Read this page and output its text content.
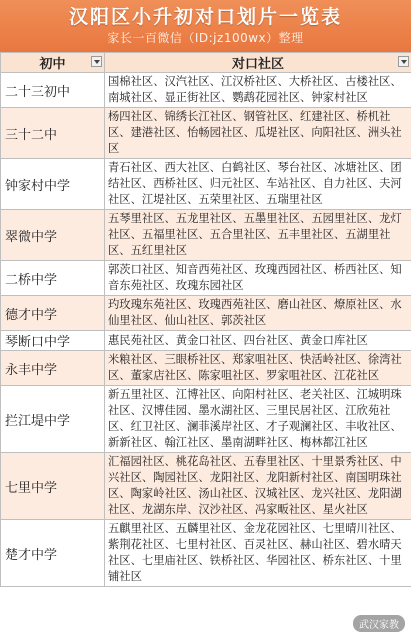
汉阳区小升初对口划片一览表
家长一百微信（ID:jz100wx）整理
初中	对口社区

二十三初中	国棉社区、汉汽社区、江汉桥社区、大桥社区、古楼社区、南城社区、显正街社区、鹦鹉花园社区、钟家村社区
三十二中	杨四社区、锦绣长江社区、钢管社区、红建社区、桥机社区、建港社区、怡畅园社区、瓜堤社区、向阳社区、洲头社区
钟家村中学	青石社区、西大社区、白鹤社区、琴台社区、冰塘社区、团结社区、西桥社区、归元社区、车站社区、自力社区、夫河社区、江堤社区、五荣里社区、五瑞里社区
翠微中学	五琴里社区、五龙里社区、五墨里社区、五园里社区、龙灯社区、五福里社区、五合里社区、五丰里社区、五湖里社区、五红里社区
二桥中学	郭茨口社区、知音西苑社区、玫瑰西园社区、桥西社区、知音东苑社区、玫瑰东园社区
德才中学	玓玫瑰东苑社区、玫瑰西苑社区、磨山社区、燎原社区、水仙里社区、仙山社区、郭茨社区
琴断口中学	惠民苑社区、黄金口社区、四台社区、黄金口库社区
永丰中学	米粮社区、三眼桥社区、郑家咀社区、快活岭社区、徐湾社区、董家店社区、陈家咀社区、罗家咀社区、江花社区
拦江堤中学	新五里社区、江博社区、向阳村社区、老关社区、江城明珠社区、汉博佳园、墨水湖社区、三里民居社区、江欣苑社区、红卫社区、澜菲溪岸社区、才子观澜社区、丰收社区、新新社区、翰江社区、墨南湖畔社区、梅林都江社区
七里中学	汇福园社区、桃花岛社区、五春里社区、十里景秀社区、中兴社区、陶园社区、龙阳社区、龙阳新村社区、南国明珠社区、陶家岭社区、汤山社区、汉城社区、龙兴社区、龙阳湖社区、龙湖东岸、汉沙社区、冯家畈社区、星火社区
楚才中学	五麒里社区、五麟里社区、金龙花园社区、七里晴川社区、紫荆花社区、七里村社区、百灵社区、赫山社区、碧水晴天社区、七里庙社区、铁桥社区、华园社区、桥东社区、十里铺社区
武汉家教
